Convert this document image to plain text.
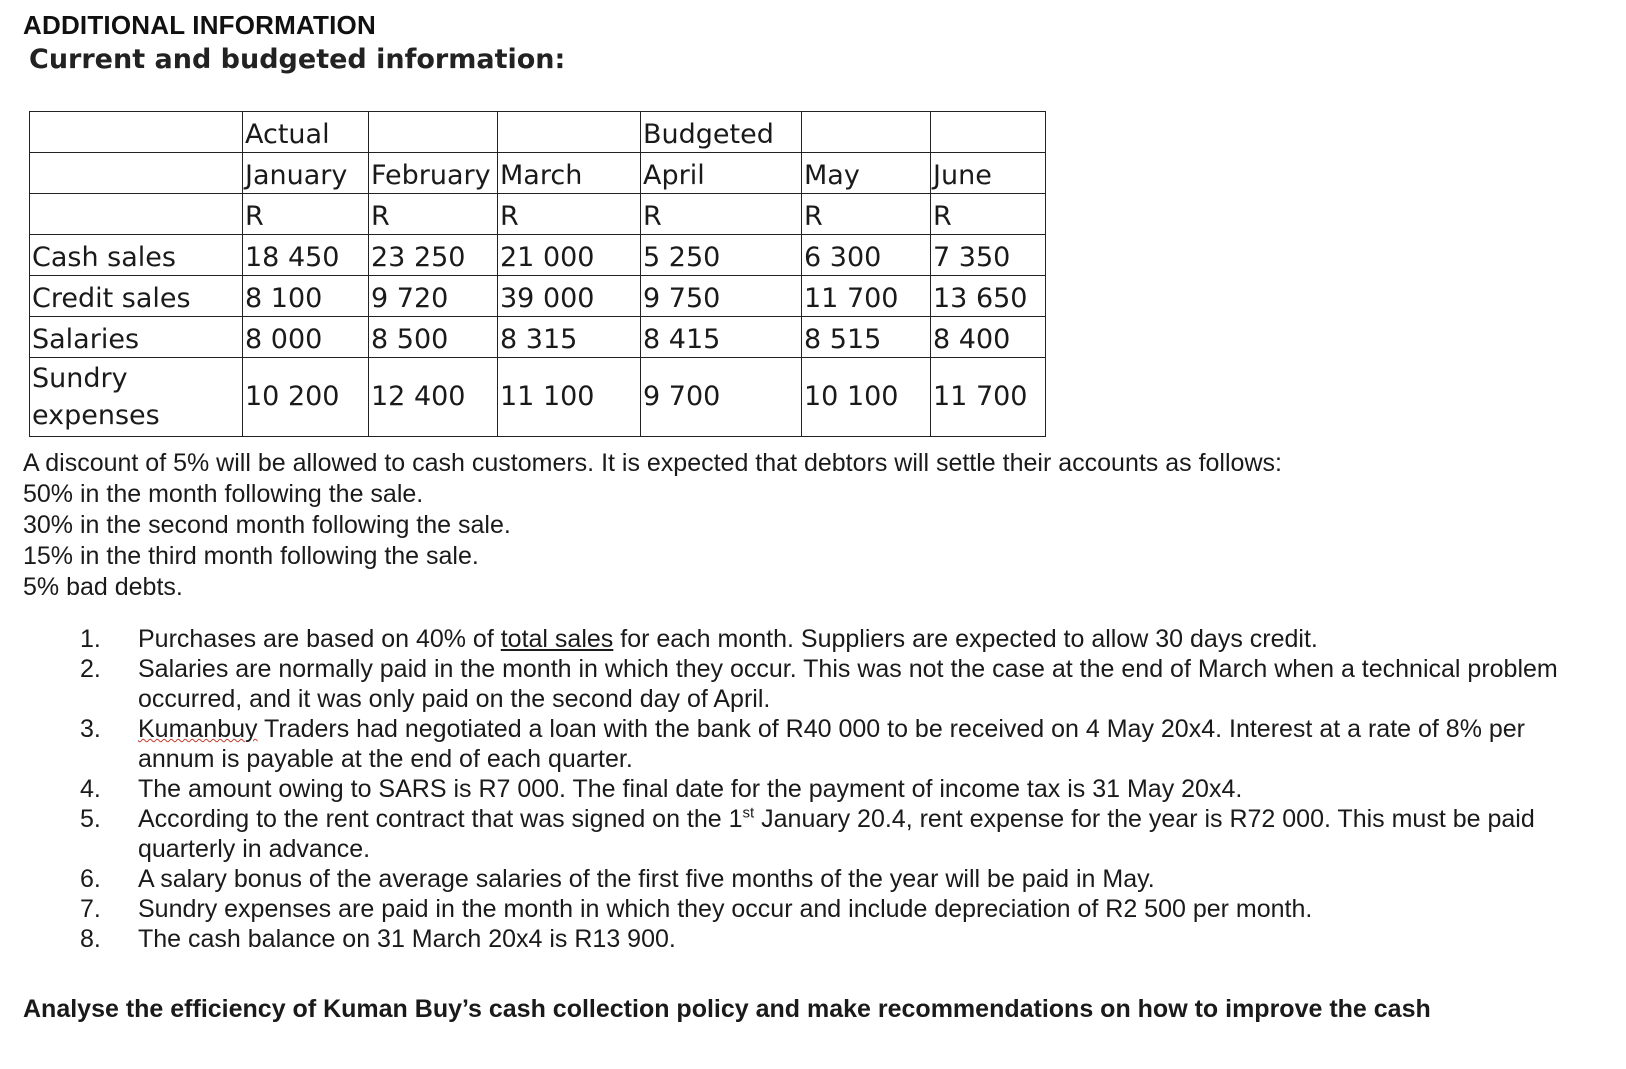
ADDITIONAL INFORMATION
Current and budgeted information:
	Actual			Budgeted		
	January	February	March	April	May	June
	R	R	R	R	R	R
Cash sales	18 450	23 250	21 000	5 250	6 300	7 350
Credit sales	8 100	9 720	39 000	9 750	11 700	13 650
Salaries	8 000	8 500	8 315	8 415	8 515	8 400
Sundry expenses	10 200	12 400	11 100	9 700	10 100	11 700

A discount of 5% will be allowed to cash customers. It is expected that debtors will settle their accounts as follows:

50% in the month following the sale.

30% in the second month following the sale.

15% in the third month following the sale.

5% bad debts.

1.	Purchases are based on 40% of total sales for each month. Suppliers are expected to allow 30 days credit.
2.	Salaries are normally paid in the month in which they occur. This was not the case at the end of March when a technical problem occurred, and it was only paid on the second day of April.
3.	Kumanbuy Traders had negotiated a loan with the bank of R40 000 to be received on 4 May 20x4. Interest at a rate of 8% per annum is payable at the end of each quarter.
4.	The amount owing to SARS is R7 000. The final date for the payment of income tax is 31 May 20x4.
5.	According to the rent contract that was signed on the 1st January 20.4, rent expense for the year is R72 000. This must be paid quarterly in advance.
6.	A salary bonus of the average salaries of the first five months of the year will be paid in May.
7.	Sundry expenses are paid in the month in which they occur and include depreciation of R2 500 per month.
8.	The cash balance on 31 March 20x4 is R13 900.
Analyse the efficiency of Kuman Buy’s cash collection policy and make recommendations on how to improve the cash
